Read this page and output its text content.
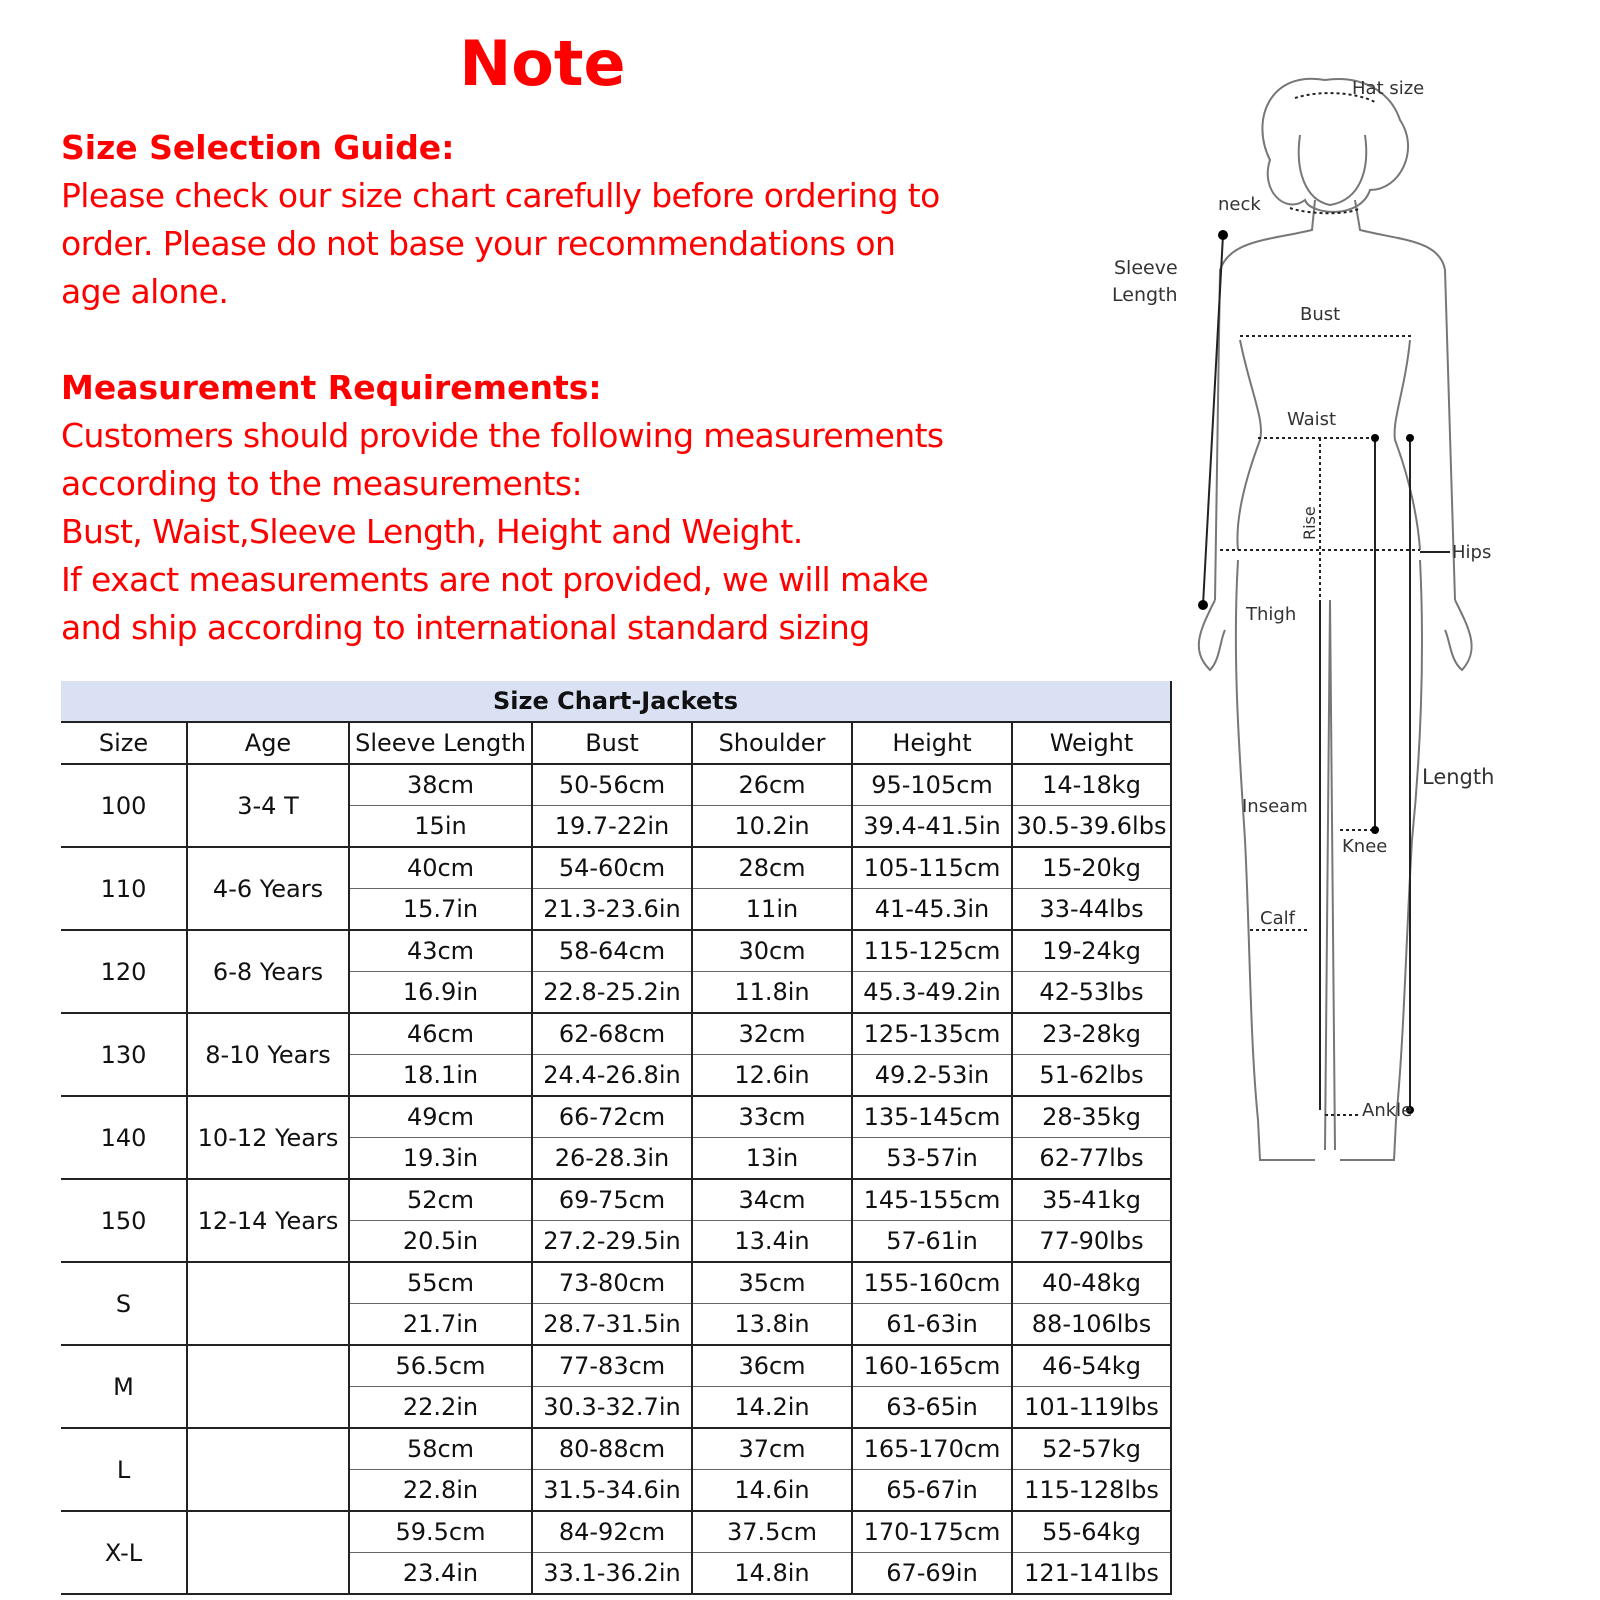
Note
Size Selection Guide:
Please check our size chart carefully before ordering to
order. Please do not base your recommendations on
age alone.
Measurement Requirements:
Customers should provide the following measurements
according to the measurements:
Bust, Waist,Sleeve Length, Height and Weight.
If exact measurements are not provided, we will make
and ship according to international standard sizing
Size Chart-Jackets						
Size	Age	Sleeve Length	Bust	Shoulder	Height	Weight
100	3-4 T	38cm	50-56cm	26cm	95-105cm	14-18kg
		15in	19.7-22in	10.2in	39.4-41.5in	30.5-39.6lbs
110	4-6 Years	40cm	54-60cm	28cm	105-115cm	15-20kg
		15.7in	21.3-23.6in	11in	41-45.3in	33-44lbs
120	6-8 Years	43cm	58-64cm	30cm	115-125cm	19-24kg
		16.9in	22.8-25.2in	11.8in	45.3-49.2in	42-53lbs
130	8-10 Years	46cm	62-68cm	32cm	125-135cm	23-28kg
		18.1in	24.4-26.8in	12.6in	49.2-53in	51-62lbs
140	10-12 Years	49cm	66-72cm	33cm	135-145cm	28-35kg
		19.3in	26-28.3in	13in	53-57in	62-77lbs
150	12-14 Years	52cm	69-75cm	34cm	145-155cm	35-41kg
		20.5in	27.2-29.5in	13.4in	57-61in	77-90lbs
S		55cm	73-80cm	35cm	155-160cm	40-48kg
		21.7in	28.7-31.5in	13.8in	61-63in	88-106lbs
M		56.5cm	77-83cm	36cm	160-165cm	46-54kg
		22.2in	30.3-32.7in	14.2in	63-65in	101-119lbs
L		58cm	80-88cm	37cm	165-170cm	52-57kg
		22.8in	31.5-34.6in	14.6in	65-67in	115-128lbs
X-L		59.5cm	84-92cm	37.5cm	170-175cm	55-64kg
		23.4in	33.1-36.2in	14.8in	67-69in	121-141lbs
Hat size
neck
Sleeve
Length
Bust
Waist
Rise
Hips
Thigh
Inseam
Knee
Calf
Ankle
Length
